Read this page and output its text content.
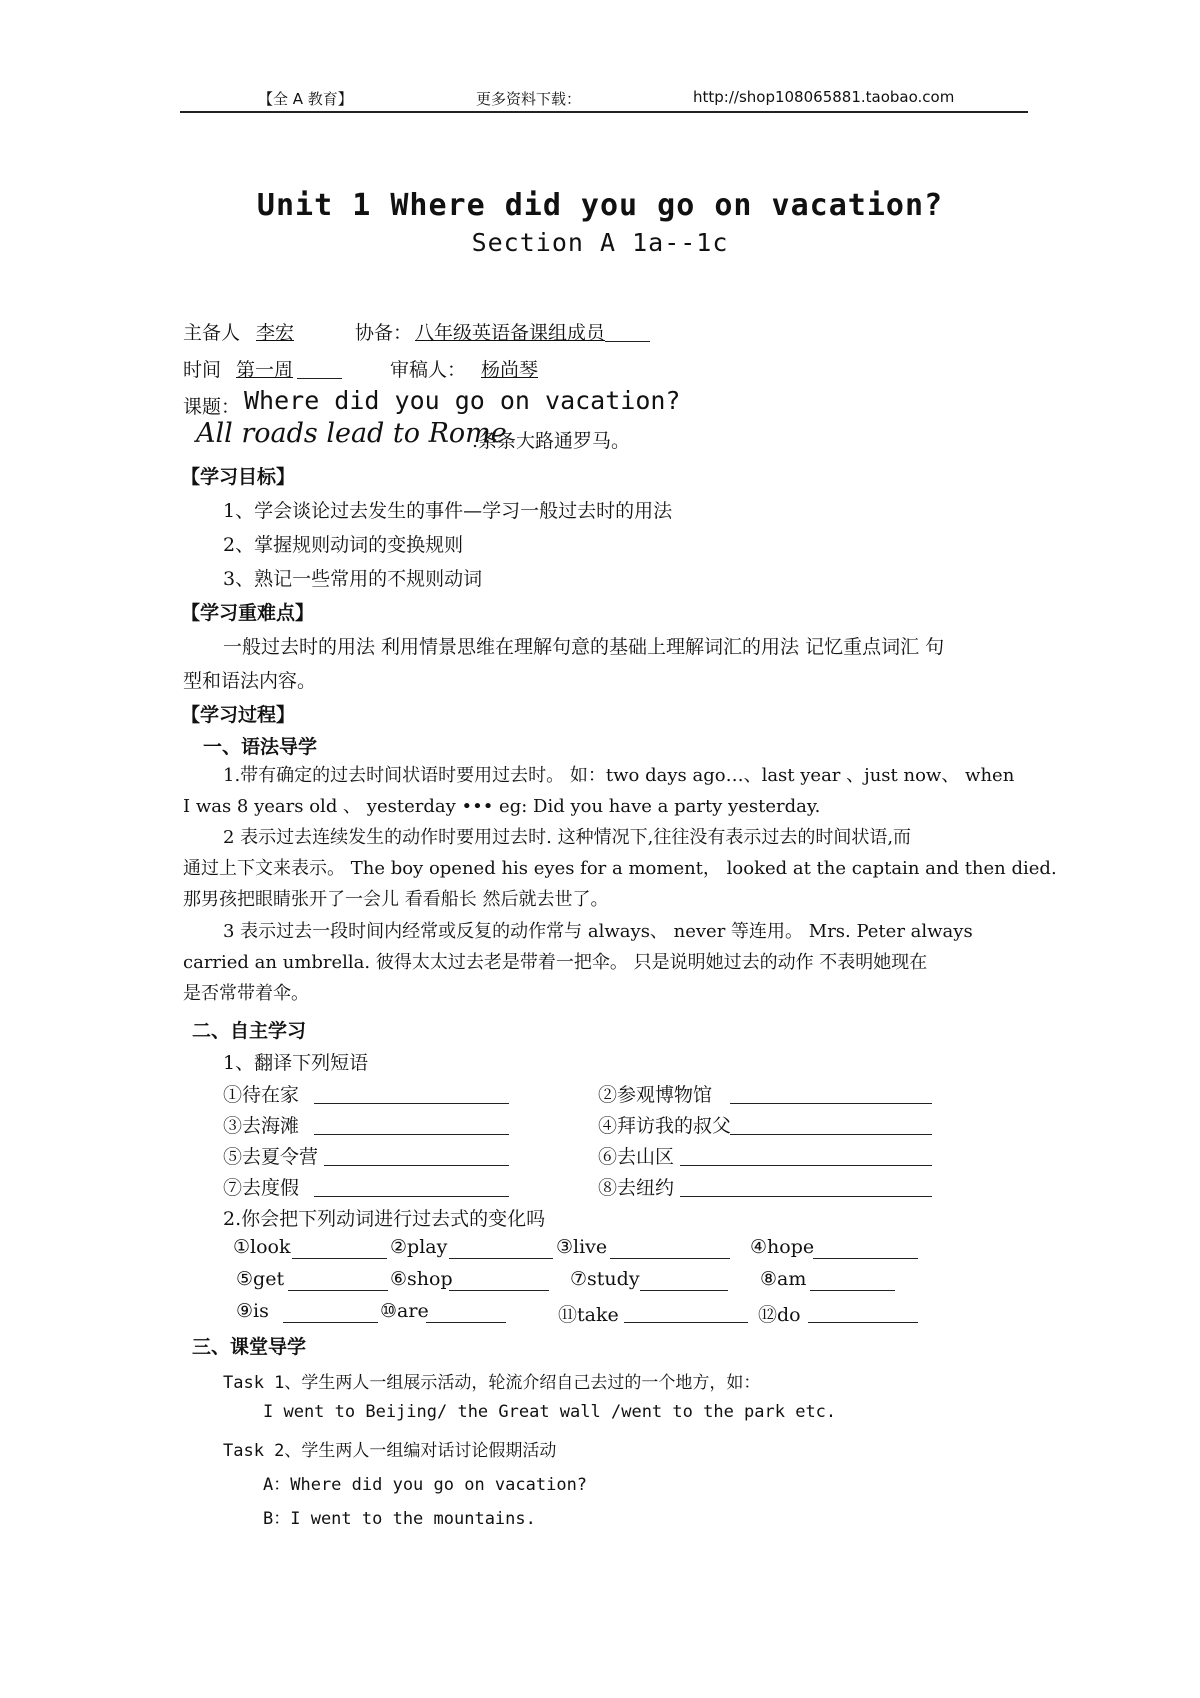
【全 A 教育】	更多资料下载：	http://shop108065881.taobao.com
Unit 1 Where did you go on vacation?
Section A 1a--1c
主备人 李宏	协备： 八年级英语备课组成员
时间 第一周	审稿人： 杨尚琴
课题： Where did you go on vacation?
All roads lead to Rome
.条条大路通罗马。
【学习目标】
1、学会谈论过去发生的事件—学习一般过去时的用法
2、掌握规则动词的变换规则
3、熟记一些常用的不规则动词
【学习重难点】
一般过去时的用法 利用情景思维在理解句意的基础上理解词汇的用法 记忆重点词汇 句
型和语法内容。
【学习过程】
一、语法导学
1.带有确定的过去时间状语时要用过去时。 如：two days ago…、last year 、just now、 when
I was 8 years old 、 yesterday ••• eg: Did you have a party yesterday.
2 表示过去连续发生的动作时要用过去时. 这种情况下,往往没有表示过去的时间状语,而
通过上下文来表示。 The boy opened his eyes for a moment， looked at the captain and then died.
那男孩把眼睛张开了一会儿 看看船长 然后就去世了。
3 表示过去一段时间内经常或反复的动作常与 always、 never 等连用。 Mrs. Peter always
carried an umbrella. 彼得太太过去老是带着一把伞。 只是说明她过去的动作 不表明她现在
是否常带着伞。
二、自主学习
1、翻译下列短语
①待在家	②参观博物馆
③去海滩	④拜访我的叔父
⑤去夏令营	⑥去山区
⑦去度假	⑧去纽约
2.你会把下列动词进行过去式的变化吗
①look	②play	③live	④hope
⑤get	⑥shop	⑦study	⑧am
⑨is	⑩are	⑪take	⑫do
三、课堂导学
Task 1、学生两人一组展示活动，轮流介绍自己去过的一个地方，如：
I went to Beijing/ the Great wall /went to the park etc.
Task 2、学生两人一组编对话讨论假期活动
A：Where did you go on vacation?
B：I went to the mountains.
